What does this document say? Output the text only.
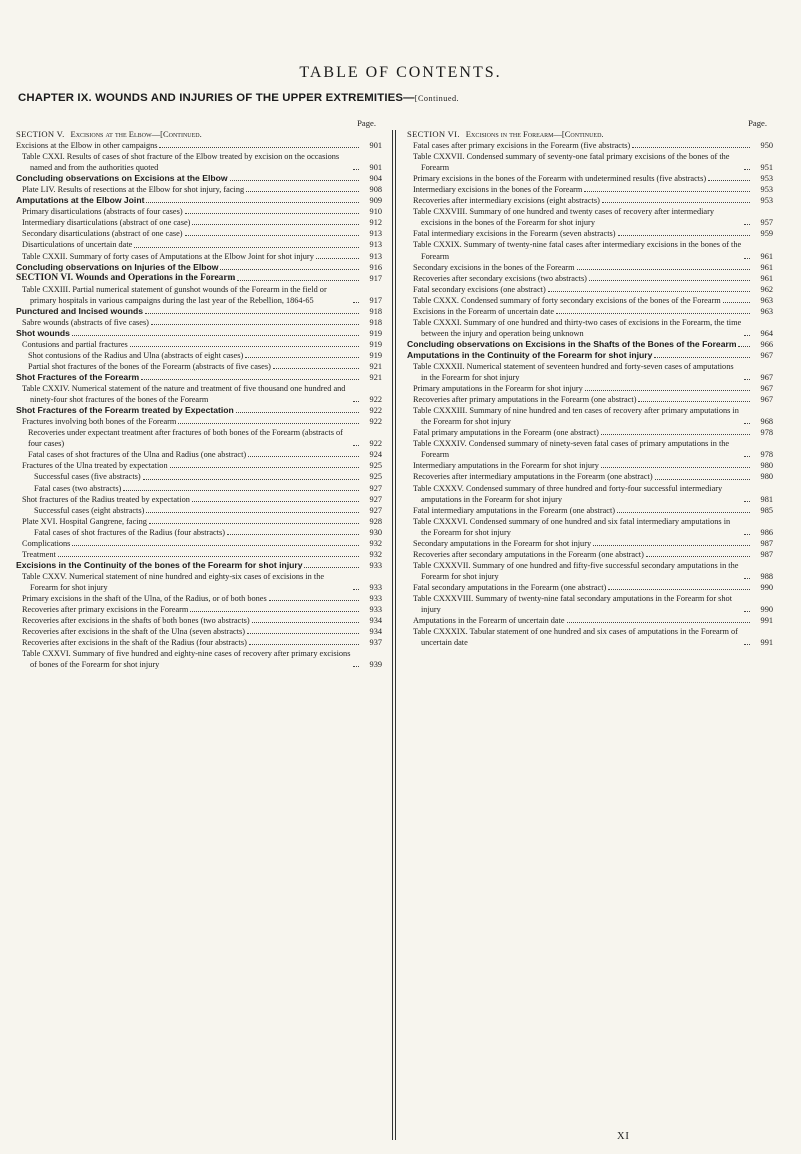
TABLE OF CONTENTS.
CHAPTER IX. WOUNDS AND INJURIES OF THE UPPER EXTREMITIES—[Continued.
Page.
SECTION V. Excisions at the Elbow—[Continued.
Excisions at the Elbow in other campaigns	901
Table CXXI. Results of cases of shot fracture of the Elbow treated by excision on the occasions named and from the authorities quoted	901
Concluding observations on Excisions at the Elbow	904
Plate LIV. Results of resections at the Elbow for shot injury, facing	908
Amputations at the Elbow Joint	909
Primary disarticulations (abstracts of four cases)	910
Intermediary disarticulations (abstract of one case)	912
Secondary disarticulations (abstract of one case)	913
Disarticulations of uncertain date	913
Table CXXII. Summary of forty cases of Amputations at the Elbow Joint for shot injury	913
Concluding observations on Injuries of the Elbow	916
SECTION VI. Wounds and Operations in the Forearm	917
Table CXXIII. Partial numerical statement of gunshot wounds of the Forearm in the field or primary hospitals in various campaigns during the last year of the Rebellion, 1864-65	917
Punctured and Incised wounds	918
Sabre wounds (abstracts of five cases)	918
Shot wounds	919
Contusions and partial fractures	919
Shot contusions of the Radius and Ulna (abstracts of eight cases)	919
Partial shot fractures of the bones of the Forearm (abstracts of five cases)	921
Shot Fractures of the Forearm	921
Table CXXIV. Numerical statement of the nature and treatment of five thousand one hundred and ninety-four shot fractures of the bones of the Forearm	922
Shot Fractures of the Forearm treated by Expectation	922
Fractures involving both bones of the Forearm	922
Recoveries under expectant treatment after fractures of both bones of the Forearm (abstracts of four cases)	922
Fatal cases of shot fractures of the Ulna and Radius (one abstract)	924
Fractures of the Ulna treated by expectation	925
Successful cases (five abstracts)	925
Fatal cases (two abstracts)	927
Shot fractures of the Radius treated by expectation	927
Successful cases (eight abstracts)	927
Plate XVI. Hospital Gangrene, facing	928
Fatal cases of shot fractures of the Radius (four abstracts)	930
Complications	932
Treatment	932
Excisions in the Continuity of the bones of the Forearm for shot injury	933
Table CXXV. Numerical statement of nine hundred and eighty-six cases of excisions in the Forearm for shot injury	933
Primary excisions in the shaft of the Ulna, of the Radius, or of both bones	933
Recoveries after primary excisions in the Forearm	933
Recoveries after excisions in the shafts of both bones (two abstracts)	934
Recoveries after excisions in the shaft of the Ulna (seven abstracts)	934
Recoveries after excisions in the shaft of the Radius (four abstracts)	937
Table CXXVI. Summary of five hundred and eighty-nine cases of recovery after primary excisions of bones of the Forearm for shot injury	939
Page.
SECTION VI. Excisions in the Forearm—[Continued.
Fatal cases after primary excisions in the Forearm (five abstracts)	950
Table CXXVII. Condensed summary of seventy-one fatal primary excisions of the bones of the Forearm	951
Primary excisions in the bones of the Forearm with undetermined results (five abstracts)	953
Intermediary excisions in the bones of the Forearm	953
Recoveries after intermediary excisions (eight abstracts)	953
Table CXXVIII. Summary of one hundred and twenty cases of recovery after intermediary excisions in the bones of the Forearm for shot injury	957
Fatal intermediary excisions in the Forearm (seven abstracts)	959
Table CXXIX. Summary of twenty-nine fatal cases after intermediary excisions in the bones of the Forearm	961
Secondary excisions in the bones of the Forearm	961
Recoveries after secondary excisions (two abstracts)	961
Fatal secondary excisions (one abstract)	962
Table CXXX. Condensed summary of forty secondary excisions of the bones of the Forearm	963
Excisions in the Forearm of uncertain date	963
Table CXXXI. Summary of one hundred and thirty-two cases of excisions in the Forearm, the time between the injury and operation being unknown	964
Concluding observations on Excisions in the Shafts of the Bones of the Forearm	966
Amputations in the Continuity of the Forearm for shot injury	967
Table CXXXII. Numerical statement of seventeen hundred and forty-seven cases of amputations in the Forearm for shot injury	967
Primary amputations in the Forearm for shot injury	967
Recoveries after primary amputations in the Forearm (one abstract)	967
Table CXXXIII. Summary of nine hundred and ten cases of recovery after primary amputations in the Forearm for shot injury	968
Fatal primary amputations in the Forearm (one abstract)	978
Table CXXXIV. Condensed summary of ninety-seven fatal cases of primary amputations in the Forearm	978
Intermediary amputations in the Forearm for shot injury	980
Recoveries after intermediary amputations in the Forearm (one abstract)	980
Table CXXXV. Condensed summary of three hundred and forty-four successful intermediary amputations in the Forearm for shot injury	981
Fatal intermediary amputations in the Forearm (one abstract)	985
Table CXXXVI. Condensed summary of one hundred and six fatal intermediary amputations in the Forearm for shot injury	986
Secondary amputations in the Forearm for shot injury	987
Recoveries after secondary amputations in the Forearm (one abstract)	987
Table CXXXVII. Summary of one hundred and fifty-five successful secondary amputations in the Forearm for shot injury	988
Fatal secondary amputations in the Forearm (one abstract)	990
Table CXXXVIII. Summary of twenty-nine fatal secondary amputations in the Forearm for shot injury	990
Amputations in the Forearm of uncertain date	991
Table CXXXIX. Tabular statement of one hundred and six cases of amputations in the Forearm of uncertain date	991
XI
